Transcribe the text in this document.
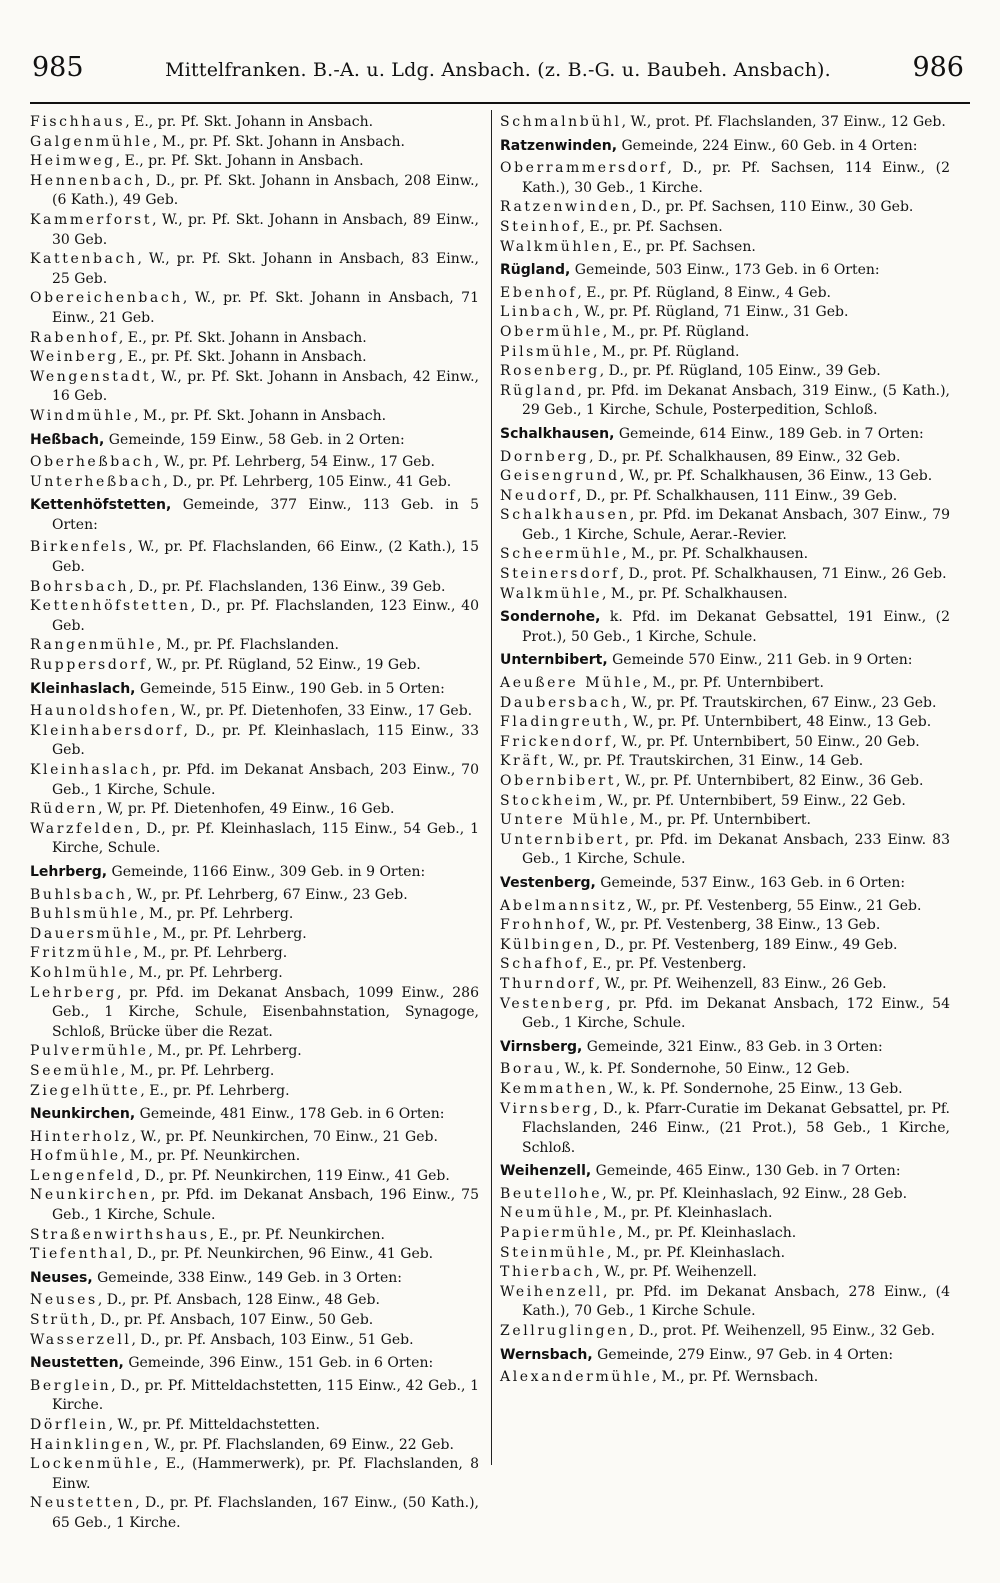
985	Mittelfranken. B.-A. u. Ldg. Ansbach. (z. B.-G. u. Baubeh. Ansbach).	986

Fischhaus, E., pr. Pf. Skt. Johann in Ansbach.

Galgenmühle, M., pr. Pf. Skt. Johann in Ansbach.

Heimweg, E., pr. Pf. Skt. Johann in Ansbach.

Hennenbach, D., pr. Pf. Skt. Johann in Ansbach, 208 Einw., (6 Kath.), 49 Geb.

Kammerforst, W., pr. Pf. Skt. Johann in Ansbach, 89 Einw., 30 Geb.

Kattenbach, W., pr. Pf. Skt. Johann in Ansbach, 83 Einw., 25 Geb.

Obereichenbach, W., pr. Pf. Skt. Johann in Ansbach, 71 Einw., 21 Geb.

Rabenhof, E., pr. Pf. Skt. Johann in Ansbach.

Weinberg, E., pr. Pf. Skt. Johann in Ansbach.

Wengenstadt, W., pr. Pf. Skt. Johann in Ansbach, 42 Einw., 16 Geb.

Windmühle, M., pr. Pf. Skt. Johann in Ansbach.

Heßbach, Gemeinde, 159 Einw., 58 Geb. in 2 Orten:

Oberheßbach, W., pr. Pf. Lehrberg, 54 Einw., 17 Geb.

Unterheßbach, D., pr. Pf. Lehrberg, 105 Einw., 41 Geb.

Kettenhöfstetten, Gemeinde, 377 Einw., 113 Geb. in 5 Orten:

Birkenfels, W., pr. Pf. Flachslanden, 66 Einw., (2 Kath.), 15 Geb.

Bohrsbach, D., pr. Pf. Flachslanden, 136 Einw., 39 Geb.

Kettenhöfstetten, D., pr. Pf. Flachslanden, 123 Einw., 40 Geb.

Rangenmühle, M., pr. Pf. Flachslanden.

Ruppersdorf, W., pr. Pf. Rügland, 52 Einw., 19 Geb.

Kleinhaslach, Gemeinde, 515 Einw., 190 Geb. in 5 Orten:

Haunoldshofen, W., pr. Pf. Dietenhofen, 33 Einw., 17 Geb.

Kleinhabersdorf, D., pr. Pf. Kleinhaslach, 115 Einw., 33 Geb.

Kleinhaslach, pr. Pfd. im Dekanat Ansbach, 203 Einw., 70 Geb., 1 Kirche, Schule.

Rüdern, W, pr. Pf. Dietenhofen, 49 Einw., 16 Geb.

Warzfelden, D., pr. Pf. Kleinhaslach, 115 Einw., 54 Geb., 1 Kirche, Schule.

Lehrberg, Gemeinde, 1166 Einw., 309 Geb. in 9 Orten:

Buhlsbach, W., pr. Pf. Lehrberg, 67 Einw., 23 Geb.

Buhlsmühle, M., pr. Pf. Lehrberg.

Dauersmühle, M., pr. Pf. Lehrberg.

Fritzmühle, M., pr. Pf. Lehrberg.

Kohlmühle, M., pr. Pf. Lehrberg.

Lehrberg, pr. Pfd. im Dekanat Ansbach, 1099 Einw., 286 Geb., 1 Kirche, Schule, Eisenbahnstation, Synagoge, Schloß, Brücke über die Rezat.

Pulvermühle, M., pr. Pf. Lehrberg.

Seemühle, M., pr. Pf. Lehrberg.

Ziegelhütte, E., pr. Pf. Lehrberg.

Neunkirchen, Gemeinde, 481 Einw., 178 Geb. in 6 Orten:

Hinterholz, W., pr. Pf. Neunkirchen, 70 Einw., 21 Geb.

Hofmühle, M., pr. Pf. Neunkirchen.

Lengenfeld, D., pr. Pf. Neunkirchen, 119 Einw., 41 Geb.

Neunkirchen, pr. Pfd. im Dekanat Ansbach, 196 Einw., 75 Geb., 1 Kirche, Schule.

Straßenwirthshaus, E., pr. Pf. Neunkirchen.

Tiefenthal, D., pr. Pf. Neunkirchen, 96 Einw., 41 Geb.

Neuses, Gemeinde, 338 Einw., 149 Geb. in 3 Orten:

Neuses, D., pr. Pf. Ansbach, 128 Einw., 48 Geb.

Strüth, D., pr. Pf. Ansbach, 107 Einw., 50 Geb.

Wasserzell, D., pr. Pf. Ansbach, 103 Einw., 51 Geb.

Neustetten, Gemeinde, 396 Einw., 151 Geb. in 6 Orten:

Berglein, D., pr. Pf. Mitteldachstetten, 115 Einw., 42 Geb., 1 Kirche.

Dörflein, W., pr. Pf. Mitteldachstetten.

Hainklingen, W., pr. Pf. Flachslanden, 69 Einw., 22 Geb.

Lockenmühle, E., (Hammerwerk), pr. Pf. Flachslanden, 8 Einw.

Neustetten, D., pr. Pf. Flachslanden, 167 Einw., (50 Kath.), 65 Geb., 1 Kirche.

Schmalnbühl, W., prot. Pf. Flachslanden, 37 Einw., 12 Geb.

Ratzenwinden, Gemeinde, 224 Einw., 60 Geb. in 4 Orten:

Oberrammersdorf, D., pr. Pf. Sachsen, 114 Einw., (2 Kath.), 30 Geb., 1 Kirche.

Ratzenwinden, D., pr. Pf. Sachsen, 110 Einw., 30 Geb.

Steinhof, E., pr. Pf. Sachsen.

Walkmühlen, E., pr. Pf. Sachsen.

Rügland, Gemeinde, 503 Einw., 173 Geb. in 6 Orten:

Ebenhof, E., pr. Pf. Rügland, 8 Einw., 4 Geb.

Linbach, W., pr. Pf. Rügland, 71 Einw., 31 Geb.

Obermühle, M., pr. Pf. Rügland.

Pilsmühle, M., pr. Pf. Rügland.

Rosenberg, D., pr. Pf. Rügland, 105 Einw., 39 Geb.

Rügland, pr. Pfd. im Dekanat Ansbach, 319 Einw., (5 Kath.), 29 Geb., 1 Kirche, Schule, Posterpedition, Schloß.

Schalkhausen, Gemeinde, 614 Einw., 189 Geb. in 7 Orten:

Dornberg, D., pr. Pf. Schalkhausen, 89 Einw., 32 Geb.

Geisengrund, W., pr. Pf. Schalkhausen, 36 Einw., 13 Geb.

Neudorf, D., pr. Pf. Schalkhausen, 111 Einw., 39 Geb.

Schalkhausen, pr. Pfd. im Dekanat Ansbach, 307 Einw., 79 Geb., 1 Kirche, Schule, Aerar.-Revier.

Scheermühle, M., pr. Pf. Schalkhausen.

Steinersdorf, D., prot. Pf. Schalkhausen, 71 Einw., 26 Geb.

Walkmühle, M., pr. Pf. Schalkhausen.

Sondernohe, k. Pfd. im Dekanat Gebsattel, 191 Einw., (2 Prot.), 50 Geb., 1 Kirche, Schule.

Unternbibert, Gemeinde 570 Einw., 211 Geb. in 9 Orten:

Aeußere Mühle, M., pr. Pf. Unternbibert.

Daubersbach, W., pr. Pf. Trautskirchen, 67 Einw., 23 Geb.

Fladingreuth, W., pr. Pf. Unternbibert, 48 Einw., 13 Geb.

Frickendorf, W., pr. Pf. Unternbibert, 50 Einw., 20 Geb.

Kräft, W., pr. Pf. Trautskirchen, 31 Einw., 14 Geb.

Obernbibert, W., pr. Pf. Unternbibert, 82 Einw., 36 Geb.

Stockheim, W., pr. Pf. Unternbibert, 59 Einw., 22 Geb.

Untere Mühle, M., pr. Pf. Unternbibert.

Unternbibert, pr. Pfd. im Dekanat Ansbach, 233 Einw. 83 Geb., 1 Kirche, Schule.

Vestenberg, Gemeinde, 537 Einw., 163 Geb. in 6 Orten:

Abelmannsitz, W., pr. Pf. Vestenberg, 55 Einw., 21 Geb.

Frohnhof, W., pr. Pf. Vestenberg, 38 Einw., 13 Geb.

Külbingen, D., pr. Pf. Vestenberg, 189 Einw., 49 Geb.

Schafhof, E., pr. Pf. Vestenberg.

Thurndorf, W., pr. Pf. Weihenzell, 83 Einw., 26 Geb.

Vestenberg, pr. Pfd. im Dekanat Ansbach, 172 Einw., 54 Geb., 1 Kirche, Schule.

Virnsberg, Gemeinde, 321 Einw., 83 Geb. in 3 Orten:

Borau, W., k. Pf. Sondernohe, 50 Einw., 12 Geb.

Kemmathen, W., k. Pf. Sondernohe, 25 Einw., 13 Geb.

Virnsberg, D., k. Pfarr-Curatie im Dekanat Gebsattel, pr. Pf. Flachslanden, 246 Einw., (21 Prot.), 58 Geb., 1 Kirche, Schloß.

Weihenzell, Gemeinde, 465 Einw., 130 Geb. in 7 Orten:

Beutellohe, W., pr. Pf. Kleinhaslach, 92 Einw., 28 Geb.

Neumühle, M., pr. Pf. Kleinhaslach.

Papiermühle, M., pr. Pf. Kleinhaslach.

Steinmühle, M., pr. Pf. Kleinhaslach.

Thierbach, W., pr. Pf. Weihenzell.

Weihenzell, pr. Pfd. im Dekanat Ansbach, 278 Einw., (4 Kath.), 70 Geb., 1 Kirche Schule.

Zellruglingen, D., prot. Pf. Weihenzell, 95 Einw., 32 Geb.

Wernsbach, Gemeinde, 279 Einw., 97 Geb. in 4 Orten:

Alexandermühle, M., pr. Pf. Wernsbach.
